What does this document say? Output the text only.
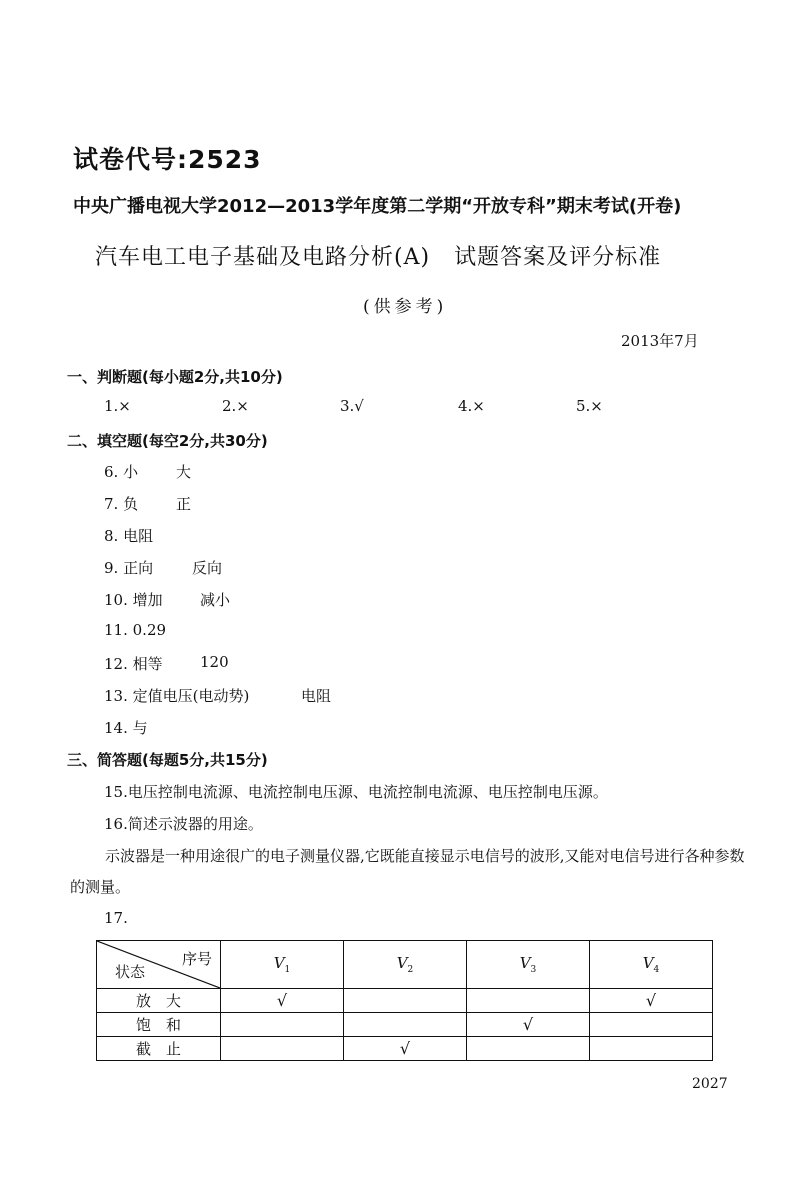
试卷代号:2523
中央广播电视大学2012—2013学年度第二学期“开放专科”期末考试(开卷)
汽车电工电子基础及电路分析(A) 试题答案及评分标准
(供参考)
2013年7月
一、判断题(每小题2分,共10分)
1.×	2.×	3.√	4.×	5.×
二、填空题(每空2分,共30分)
6. 小	大
7. 负	正
8. 电阻
9. 正向	反向
10. 增加 减小
11. 0.29
12. 相等 120
13. 定值电压(电动势)	电阻
14. 与
三、简答题(每题5分,共15分)
15.电压控制电流源、电流控制电压源、电流控制电流源、电压控制电压源。
16.简述示波器的用途。
示波器是一种用途很广的电子测量仪器,它既能直接显示电信号的波形,又能对电信号进行各种参数的测量。
17.
序号
状态	$V_1$	$V_2$	$V_3$	$V_4$
放　大	√			√
饱　和			√	
截　止		√		
2027
